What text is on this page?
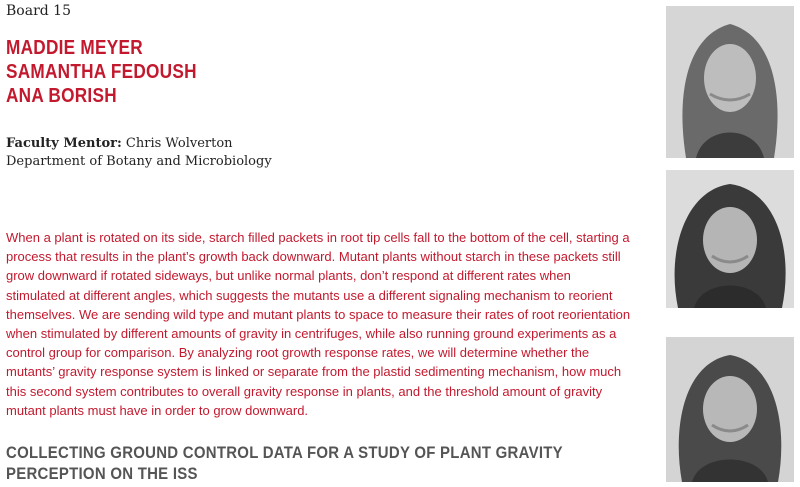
Board 15
MADDIE MEYER
SAMANTHA FEDOUSH
ANA BORISH
Faculty Mentor: Chris Wolverton
Department of Botany and Microbiology

When a plant is rotated on its side, starch filled packets in root tip cells fall to the bottom of the cell, starting a process that results in the plant’s growth back downward. Mutant plants without starch in these packets still grow downward if rotated sideways, but unlike normal plants, don’t respond at different rates when stimulated at different angles, which suggests the mutants use a different signaling mechanism to reorient themselves. We are sending wild type and mutant plants to space to measure their rates of root reorientation when stimulated by different amounts of gravity in centrifuges, while also running ground experiments as a control group for comparison. By analyzing root growth response rates, we will determine whether the mutants’ gravity response system is linked or separate from the plastid sedimenting mechanism, how much this second system contributes to overall gravity response in plants, and the threshold amount of gravity mutant plants must have in order to grow downward.

COLLECTING GROUND CONTROL DATA FOR A STUDY OF PLANT GRAVITY PERCEPTION ON THE ISS
